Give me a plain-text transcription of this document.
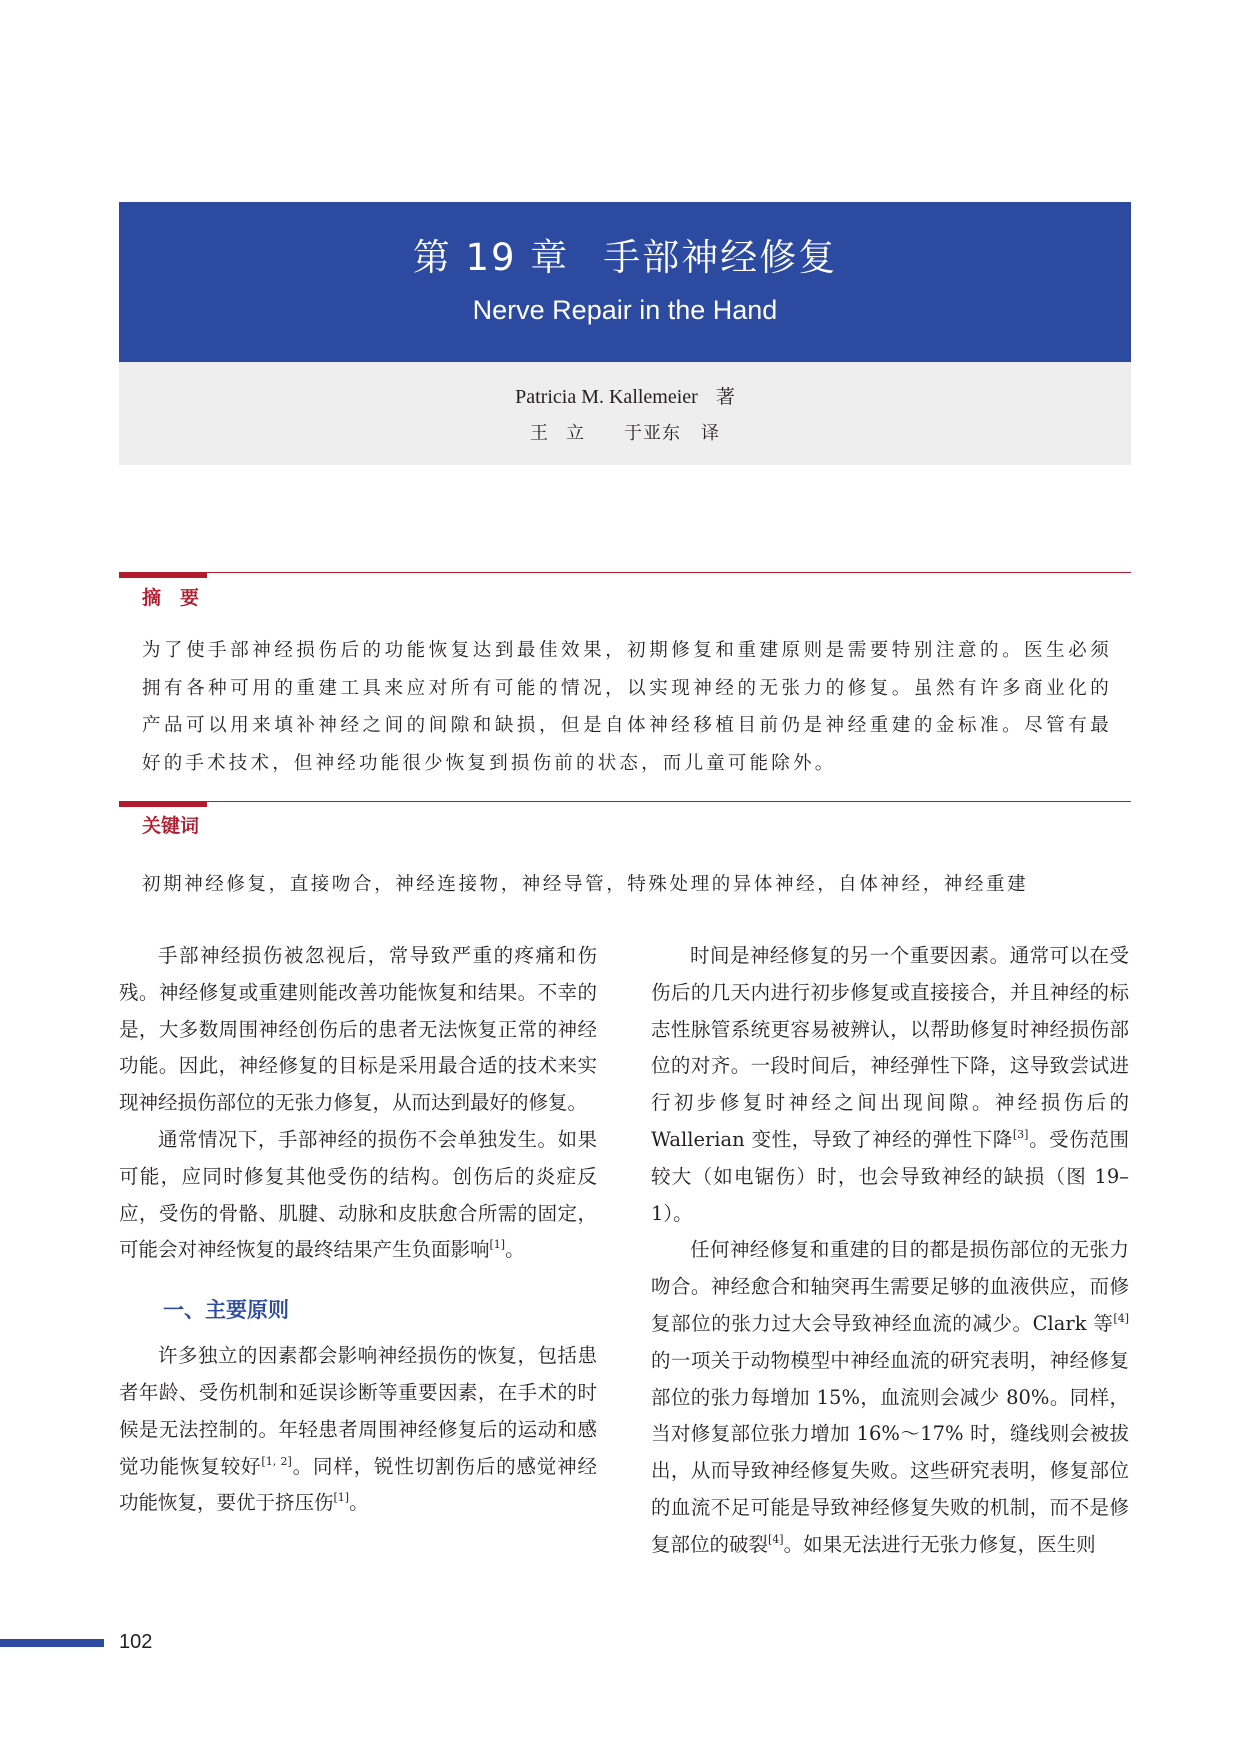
第 19 章 手部神经修复
Nerve Repair in the Hand
Patricia M. Kallemeier 著
王立 于亚东 译
摘　要
为了使手部神经损伤后的功能恢复达到最佳效果，初期修复和重建原则是需要特别注意的。医生必须拥有各种可用的重建工具来应对所有可能的情况，以实现神经的无张力的修复。虽然有许多商业化的产品可以用来填补神经之间的间隙和缺损，但是自体神经移植目前仍是神经重建的金标准。尽管有最好的手术技术，但神经功能很少恢复到损伤前的状态，而儿童可能除外。
关键词
初期神经修复，直接吻合，神经连接物，神经导管，特殊处理的异体神经，自体神经，神经重建

手部神经损伤被忽视后，常导致严重的疼痛和伤残。神经修复或重建则能改善功能恢复和结果。不幸的是，大多数周围神经创伤后的患者无法恢复正常的神经功能。因此，神经修复的目标是采用最合适的技术来实现神经损伤部位的无张力修复，从而达到最好的修复。

通常情况下，手部神经的损伤不会单独发生。如果可能，应同时修复其他受伤的结构。创伤后的炎症反应，受伤的骨骼、肌腱、动脉和皮肤愈合所需的固定，可能会对神经恢复的最终结果产生负面影响[1]。

一、主要原则

许多独立的因素都会影响神经损伤的恢复，包括患者年龄、受伤机制和延误诊断等重要因素，在手术的时候是无法控制的。年轻患者周围神经修复后的运动和感觉功能恢复较好[1, 2]。同样，锐性切割伤后的感觉神经功能恢复，要优于挤压伤[1]。

时间是神经修复的另一个重要因素。通常可以在受伤后的几天内进行初步修复或直接接合，并且神经的标志性脉管系统更容易被辨认，以帮助修复时神经损伤部位的对齐。一段时间后，神经弹性下降，这导致尝试进行初步修复时神经之间出现间隙。神经损伤后的 Wallerian 变性，导致了神经的弹性下降[3]。受伤范围较大（如电锯伤）时，也会导致神经的缺损（图 19–1）。

任何神经修复和重建的目的都是损伤部位的无张力吻合。神经愈合和轴突再生需要足够的血液供应，而修复部位的张力过大会导致神经血流的减少。Clark 等[4]的一项关于动物模型中神经血流的研究表明，神经修复部位的张力每增加 15%，血流则会减少 80%。同样，当对修复部位张力增加 16%～17% 时，缝线则会被拔出，从而导致神经修复失败。这些研究表明，修复部位的血流不足可能是导致神经修复失败的机制，而不是修复部位的破裂[4]。如果无法进行无张力修复，医生则

102
